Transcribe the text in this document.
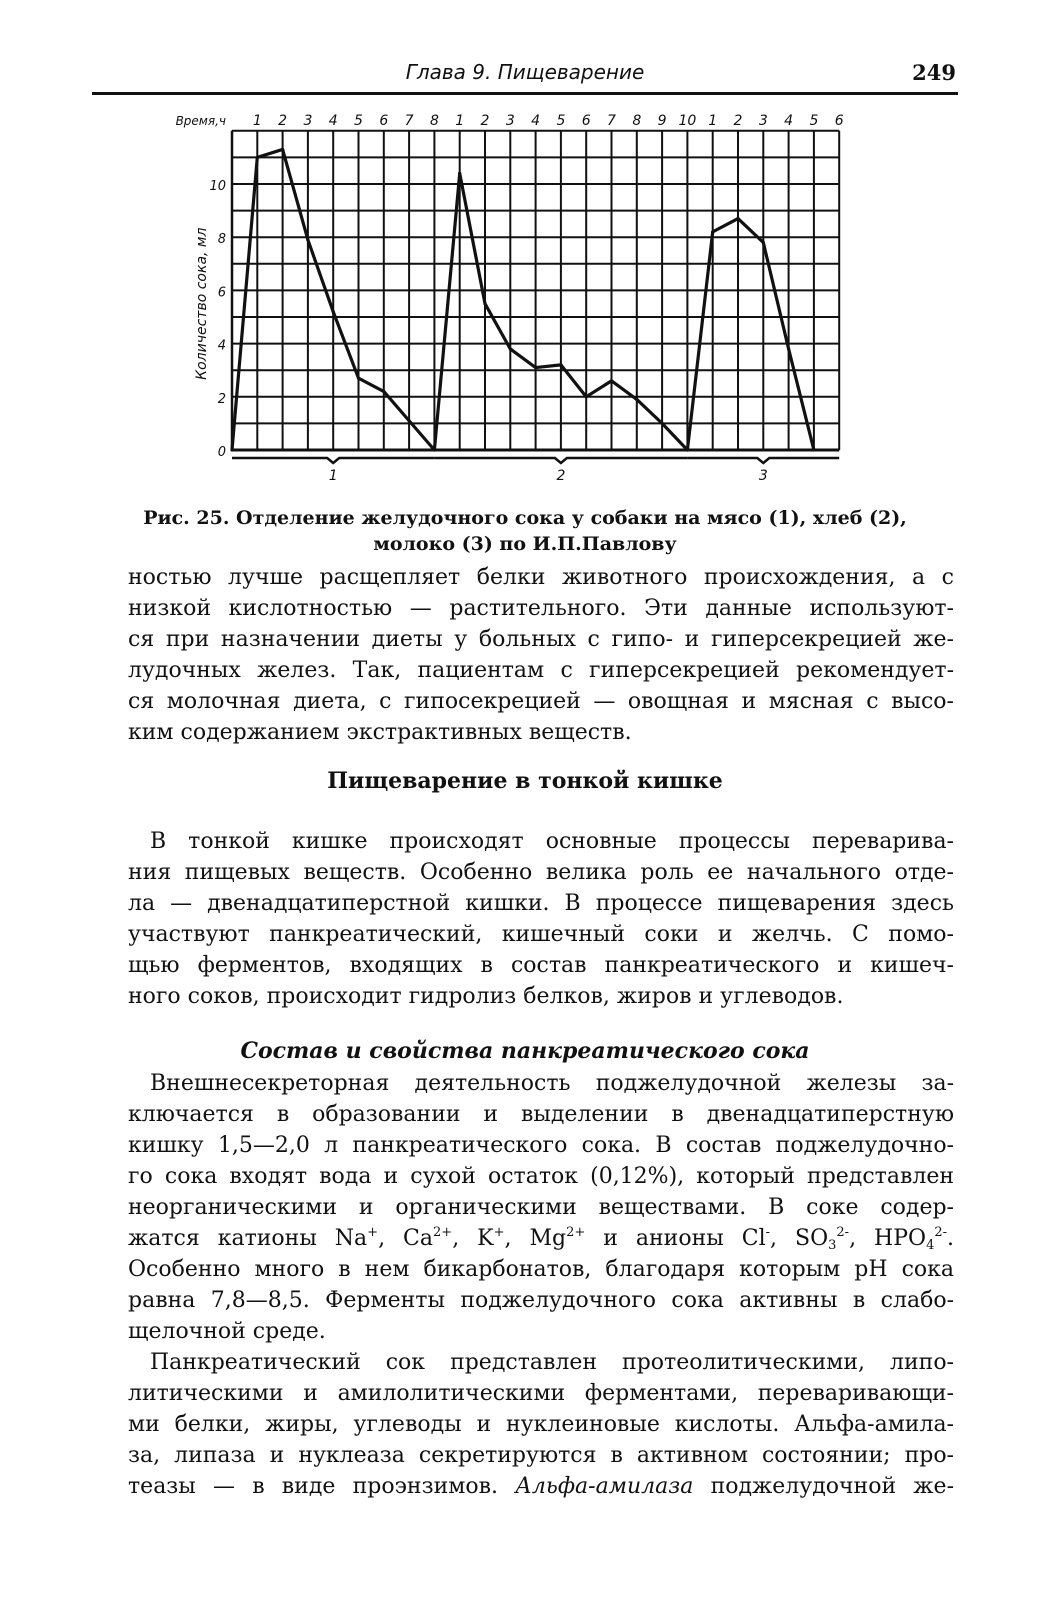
Глава 9. Пищеварение	249
0
2
4
6
8
10
Количество сока, мл
Время,ч 1 2 3 4 5 6 7 8 1 2 3 4 5 6 7 8 9 10 1 2 3 4 5 6
1	2	3
Рис. 25. Отделение желудочного сока у собаки на мясо (1), хлеб (2),
молоко (3) по И.П.Павлову
ностью лучше расщепляет белки животного происхождения, а с
низкой кислотностью — растительного. Эти данные используют-
ся при назначении диеты у больных с гипо- и гиперсекрецией же-
лудочных желез. Так, пациентам с гиперсекрецией рекомендует-
ся молочная диета, с гипосекрецией — овощная и мясная с высо-
ким содержанием экстрактивных веществ.
Пищеварение в тонкой кишке
В тонкой кишке происходят основные процессы переварива-
ния пищевых веществ. Особенно велика роль ее начального отде-
ла — двенадцатиперстной кишки. В процессе пищеварения здесь
участвуют панкреатический, кишечный соки и желчь. С помо-
щью ферментов, входящих в состав панкреатического и кишеч-
ного соков, происходит гидролиз белков, жиров и углеводов.
Состав и свойства панкреатического сока
Внешнесекреторная деятельность поджелудочной железы за-
ключается в образовании и выделении в двенадцатиперстную
кишку 1,5—2,0 л панкреатического сока. В состав поджелудочно-
го сока входят вода и сухой остаток (0,12%), который представлен
неорганическими и органическими веществами. В соке содер-
жатся катионы Na+, $Ca^{2+}$, K+, $Mg^{2+}$ и анионы Cl-, $SO_3^{2-}$, $HPO_4^{2-}$.
Особенно много в нем бикарбонатов, благодаря которым pH сока
равна 7,8—8,5. Ферменты поджелудочного сока активны в слабо-
щелочной среде.
Панкреатический сок представлен протеолитическими, липо-
литическими и амилолитическими ферментами, переваривающи-
ми белки, жиры, углеводы и нуклеиновые кислоты. Альфа-амила-
за, липаза и нуклеаза секретируются в активном состоянии; про-
теазы — в виде проэнзимов. Альфа-амилаза поджелудочной же-
